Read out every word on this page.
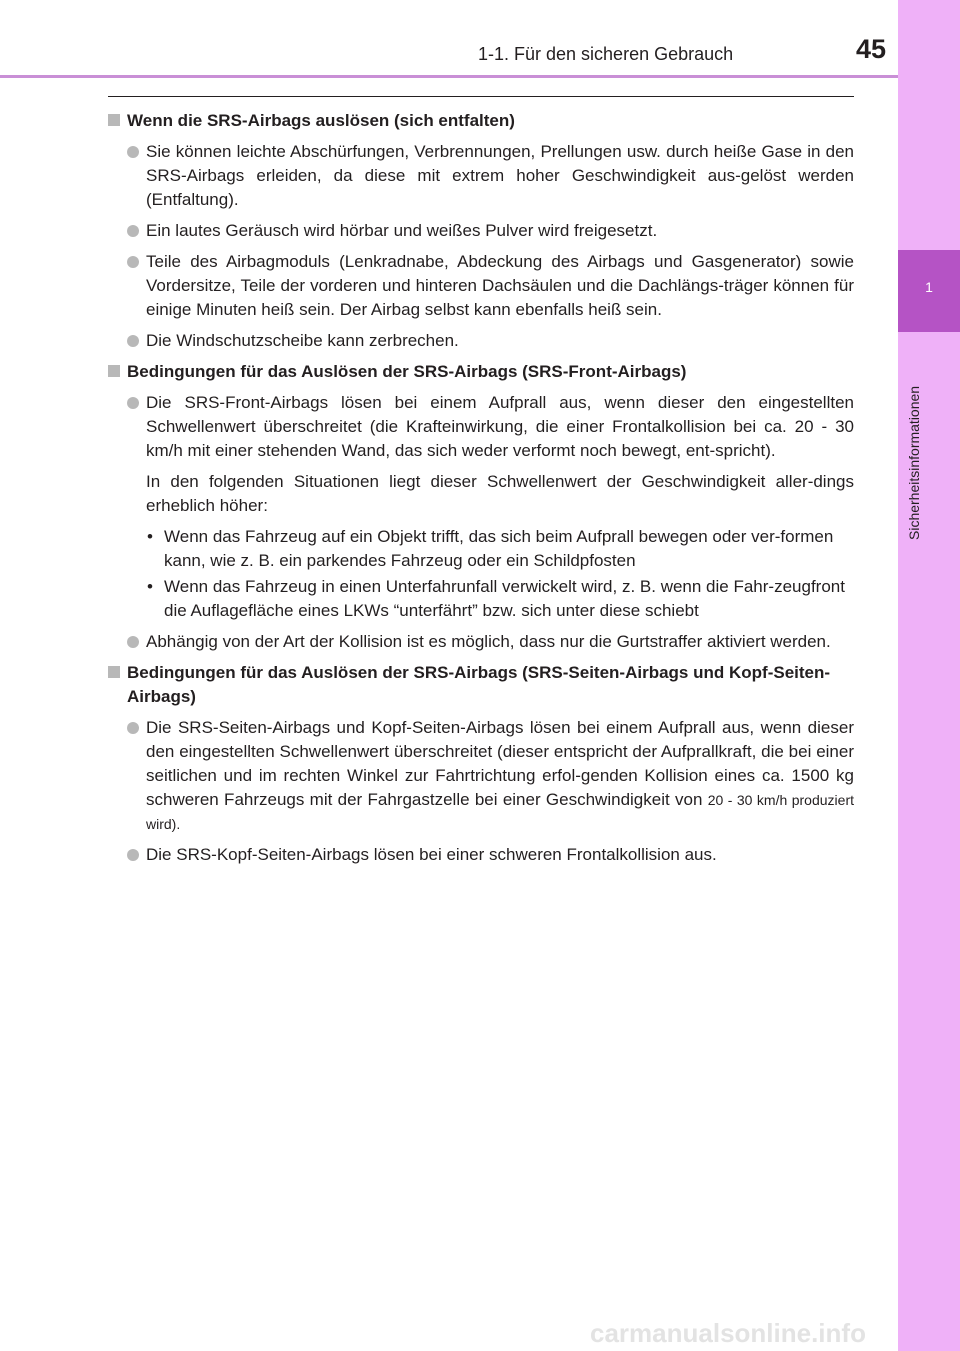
1-1. Für den sicheren Gebrauch	45
1
Sicherheitsinformationen
Wenn die SRS-Airbags auslösen (sich entfalten)
Sie können leichte Abschürfungen, Verbrennungen, Prellungen usw. durch heiße Gase in den SRS-Airbags erleiden, da diese mit extrem hoher Geschwindigkeit aus-gelöst werden (Entfaltung).
Ein lautes Geräusch wird hörbar und weißes Pulver wird freigesetzt.
Teile des Airbagmoduls (Lenkradnabe, Abdeckung des Airbags und Gasgenerator) sowie Vordersitze, Teile der vorderen und hinteren Dachsäulen und die Dachlängs-träger können für einige Minuten heiß sein. Der Airbag selbst kann ebenfalls heiß sein.
Die Windschutzscheibe kann zerbrechen.
Bedingungen für das Auslösen der SRS-Airbags (SRS-Front-Airbags)
Die SRS-Front-Airbags lösen bei einem Aufprall aus, wenn dieser den eingestellten Schwellenwert überschreitet (die Krafteinwirkung, die einer Frontalkollision bei ca. 20 - 30 km/h mit einer stehenden Wand, das sich weder verformt noch bewegt, ent-spricht).
In den folgenden Situationen liegt dieser Schwellenwert der Geschwindigkeit aller-dings erheblich höher:
• Wenn das Fahrzeug auf ein Objekt trifft, das sich beim Aufprall bewegen oder ver-formen kann, wie z. B. ein parkendes Fahrzeug oder ein Schildpfosten
• Wenn das Fahrzeug in einen Unterfahrunfall verwickelt wird, z. B. wenn die Fahr-zeugfront die Auflagefläche eines LKWs “unterfährt” bzw. sich unter diese schiebt
Abhängig von der Art der Kollision ist es möglich, dass nur die Gurtstraffer aktiviert werden.
Bedingungen für das Auslösen der SRS-Airbags (SRS-Seiten-Airbags und Kopf-Seiten-Airbags)
Die SRS-Seiten-Airbags und Kopf-Seiten-Airbags lösen bei einem Aufprall aus, wenn dieser den eingestellten Schwellenwert überschreitet (dieser entspricht der Aufprallkraft, die bei einer seitlichen und im rechten Winkel zur Fahrtrichtung erfol-genden Kollision eines ca. 1500 kg schweren Fahrzeugs mit der Fahrgastzelle bei einer Geschwindigkeit von 20 - 30 km/h produziert wird).
Die SRS-Kopf-Seiten-Airbags lösen bei einer schweren Frontalkollision aus.
carmanualsonline.info
